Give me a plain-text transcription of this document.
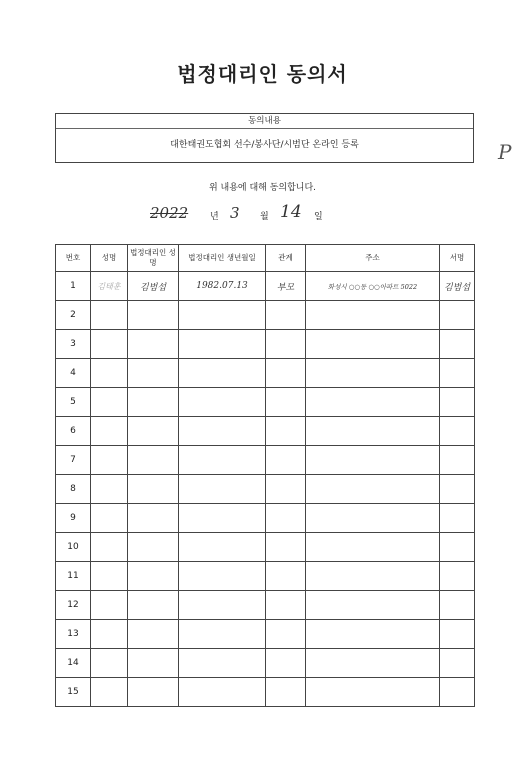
법정대리인 동의서
동의내용
대한태권도협회 선수/봉사단/시범단 온라인 등록	P
위 내용에 대해 동의합니다.
2022 년 3 월 14 일
번호	성명	법정대리인 성명	법정대리인 생년월일	관계	주소	서명
1	김태훈	김범섭	1982.07.13	부모	화성시 ○○동 ○○아파트 5022	김범섭
2						
3						
4						
5						
6						
7						
8						
9						
10						
11						
12						
13						
14						
15						
